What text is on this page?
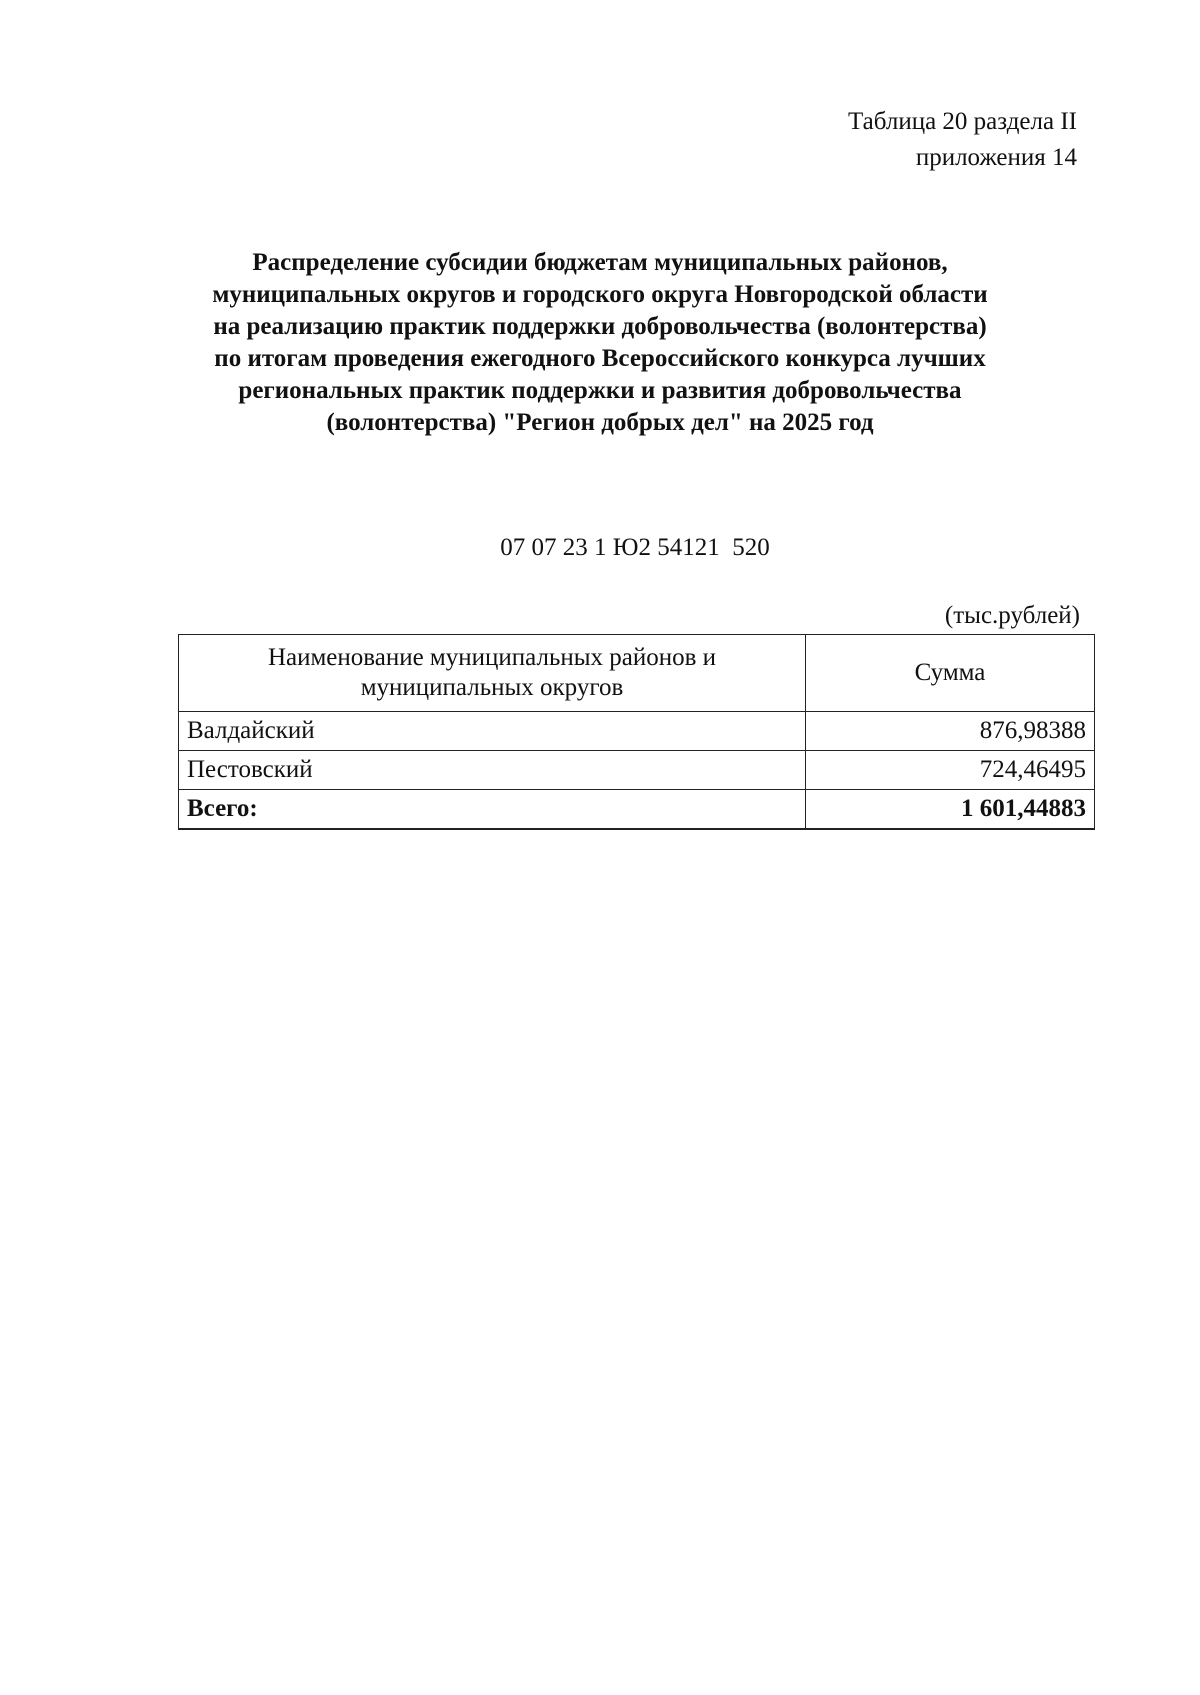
Таблица 20 раздела II
приложения 14
Распределение субсидии бюджетам муниципальных районов,
муниципальных округов и городского округа Новгородской области
на реализацию практик поддержки добровольчества (волонтерства)
по итогам проведения ежегодного Всероссийского конкурса лучших
региональных практик поддержки и развития добровольчества
(волонтерства) "Регион добрых дел" на 2025 год
07 07 23 1 Ю2 54121  520
(тыс.рублей)
Наименование муниципальных районов и муниципальных округов	Сумма
Валдайский	876,98388
Пестовский	724,46495
Всего:	1 601,44883
